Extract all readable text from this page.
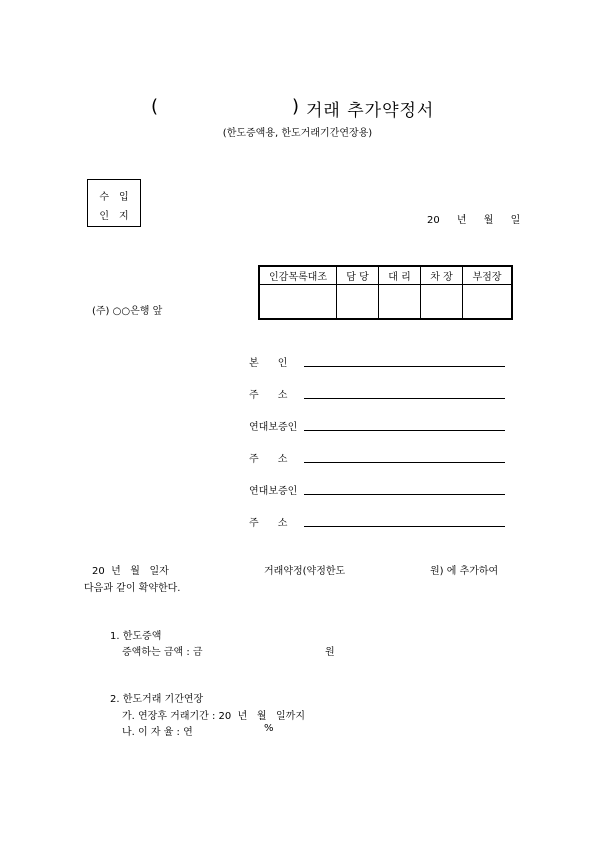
(	) 거래 추가약정서
(한도증액용, 한도거래기간연장용)
수입
인지	20 년 월 일
인감목록대조	담 당	대 리	차 장	부점장

(주) ○○은행 앞
본      인
주      소
연대보증인
주      소
연대보증인
주      소
20  년   월   일자	거래약정(약정한도	원) 에 추가하여
다음과 같이 확약한다.
1. 한도증액
증액하는 금액 : 금	원
2. 한도거래 기간연장
가. 연장후 거래기간 : 20  년   월   일까지
나. 이 자 율 : 연	%
